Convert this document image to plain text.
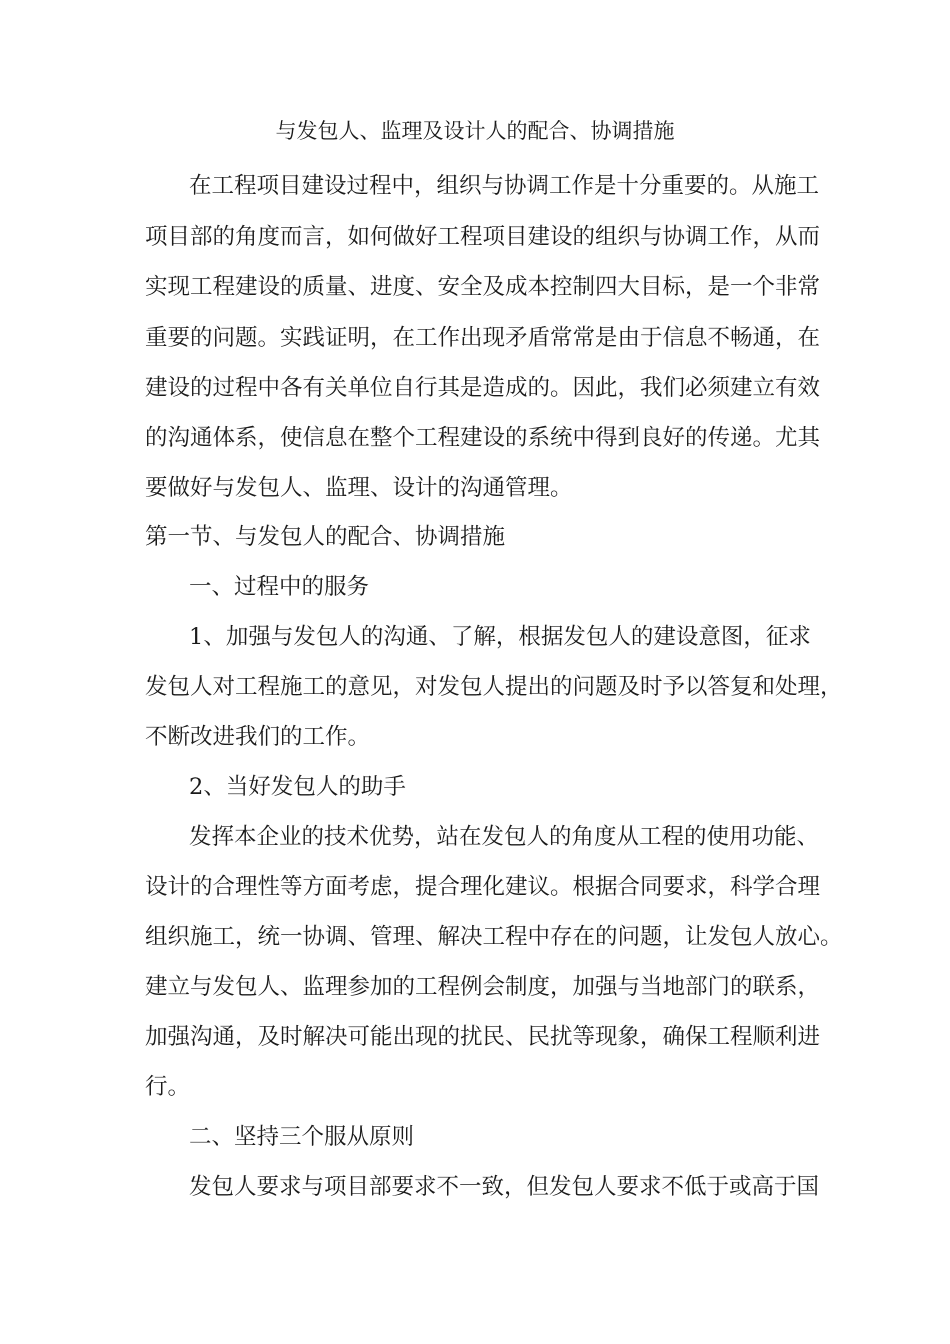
与发包人、监理及设计人的配合、协调措施
在工程项目建设过程中，组织与协调工作是十分重要的。从施工
项目部的角度而言，如何做好工程项目建设的组织与协调工作，从而
实现工程建设的质量、进度、安全及成本控制四大目标，是一个非常
重要的问题。实践证明，在工作出现矛盾常常是由于信息不畅通，在
建设的过程中各有关单位自行其是造成的。因此，我们必须建立有效
的沟通体系，使信息在整个工程建设的系统中得到良好的传递。尤其
要做好与发包人、监理、设计的沟通管理。
第一节、与发包人的配合、协调措施
一、过程中的服务
1、加强与发包人的沟通、了解，根据发包人的建设意图，征求
发包人对工程施工的意见，对发包人提出的问题及时予以答复和处理，
不断改进我们的工作。
2、当好发包人的助手
发挥本企业的技术优势，站在发包人的角度从工程的使用功能、
设计的合理性等方面考虑，提合理化建议。根据合同要求，科学合理
组织施工，统一协调、管理、解决工程中存在的问题，让发包人放心。
建立与发包人、监理参加的工程例会制度，加强与当地部门的联系，
加强沟通，及时解决可能出现的扰民、民扰等现象，确保工程顺利进
行。
二、坚持三个服从原则
发包人要求与项目部要求不一致，但发包人要求不低于或高于国
